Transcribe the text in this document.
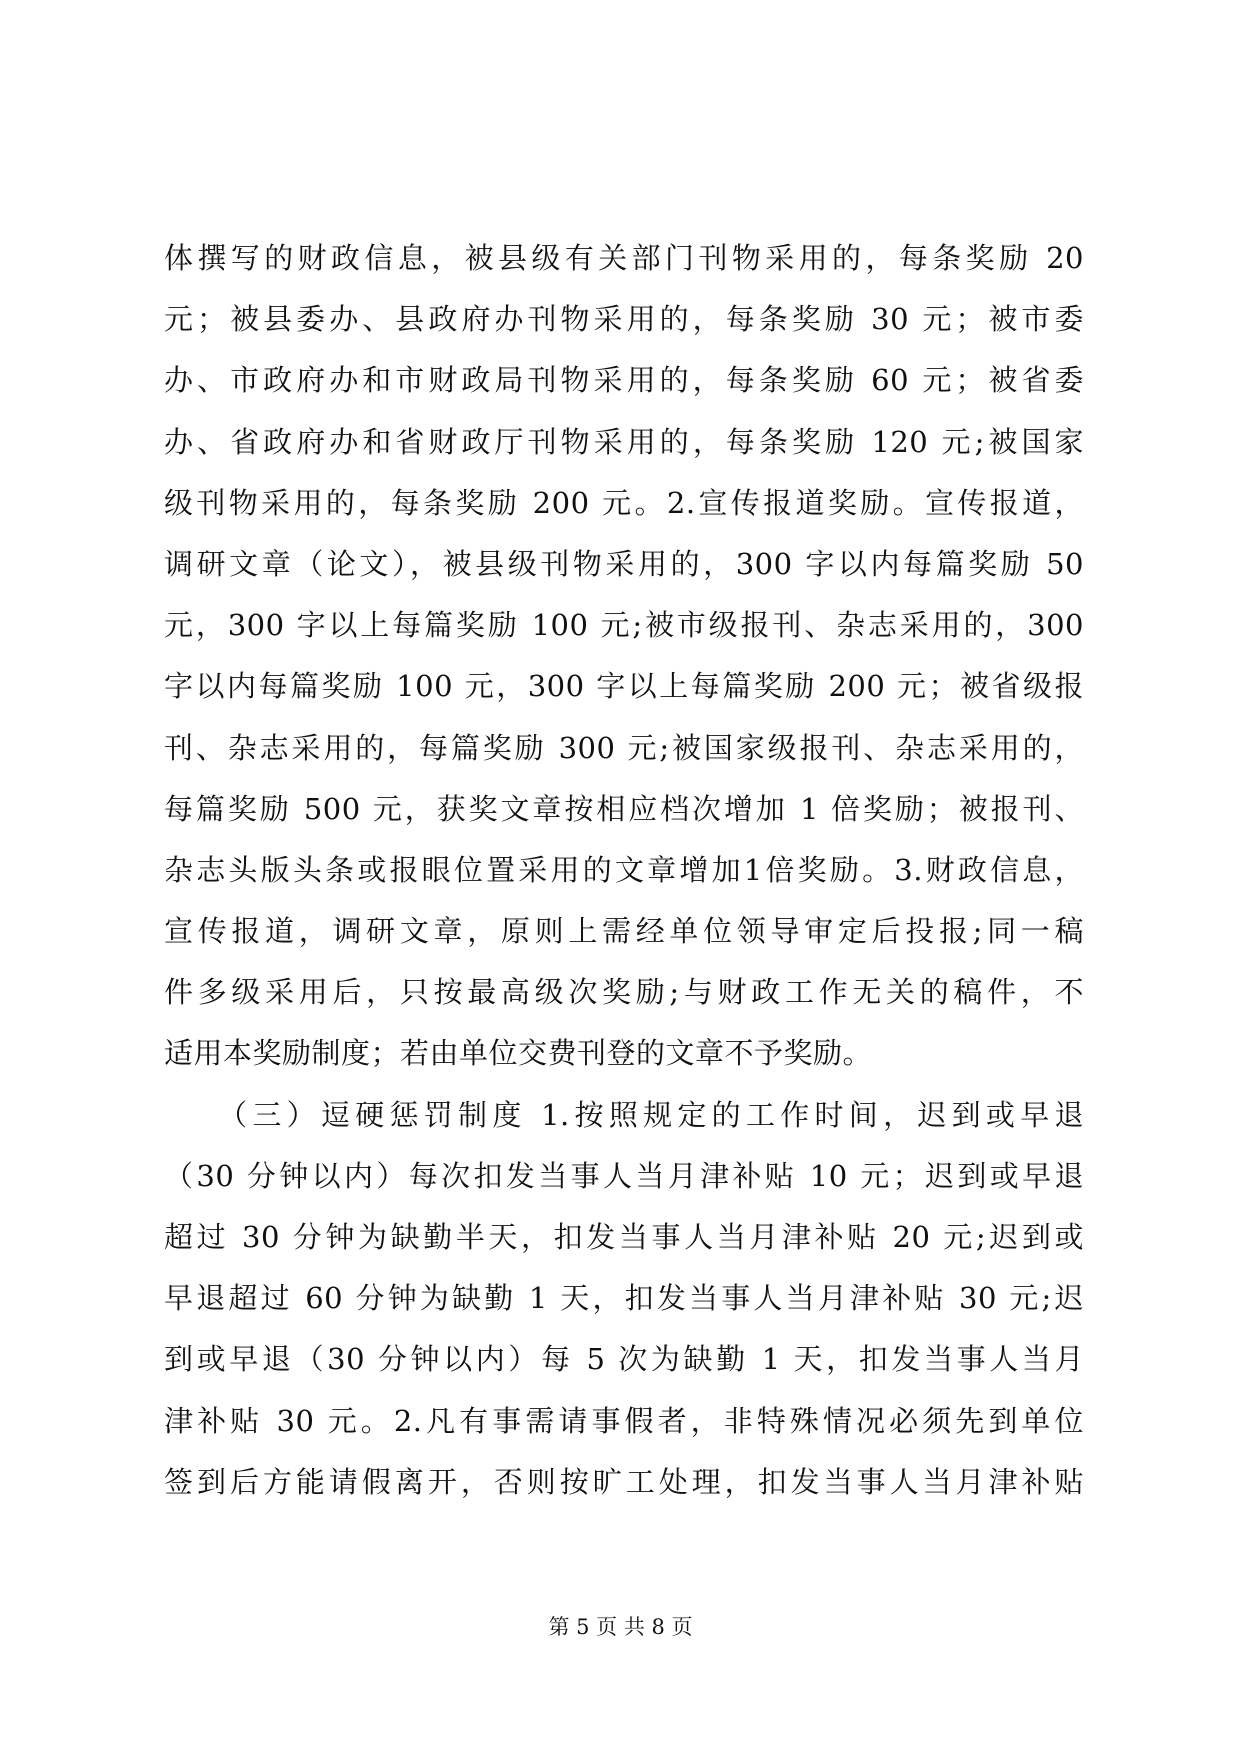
体撰写的财政信息，被县级有关部门刊物采用的，每条奖励 20
元；被县委办、县政府办刊物采用的，每条奖励 30 元；被市委
办、市政府办和市财政局刊物采用的，每条奖励 60 元；被省委
办、省政府办和省财政厅刊物采用的，每条奖励 120 元;被国家
级刊物采用的，每条奖励 200 元。2.宣传报道奖励。宣传报道，
调研文章（论文），被县级刊物采用的，300 字以内每篇奖励 50
元，300 字以上每篇奖励 100 元;被市级报刊、杂志采用的，300
字以内每篇奖励 100 元，300 字以上每篇奖励 200 元；被省级报
刊、杂志采用的，每篇奖励 300 元;被国家级报刊、杂志采用的，
每篇奖励 500 元，获奖文章按相应档次增加 1 倍奖励；被报刊、
杂志头版头条或报眼位置采用的文章增加1倍奖励。3.财政信息，
宣传报道，调研文章，原则上需经单位领导审定后投报;同一稿
件多级采用后，只按最高级次奖励;与财政工作无关的稿件，不
适用本奖励制度；若由单位交费刊登的文章不予奖励。
　　（三）逗硬惩罚制度 1.按照规定的工作时间，迟到或早退
（30 分钟以内）每次扣发当事人当月津补贴 10 元；迟到或早退
超过 30 分钟为缺勤半天，扣发当事人当月津补贴 20 元;迟到或
早退超过 60 分钟为缺勤 1 天，扣发当事人当月津补贴 30 元;迟
到或早退（30 分钟以内）每 5 次为缺勤 1 天，扣发当事人当月
津补贴 30 元。2.凡有事需请事假者，非特殊情况必须先到单位
签到后方能请假离开，否则按旷工处理，扣发当事人当月津补贴
第 5 页 共 8 页
